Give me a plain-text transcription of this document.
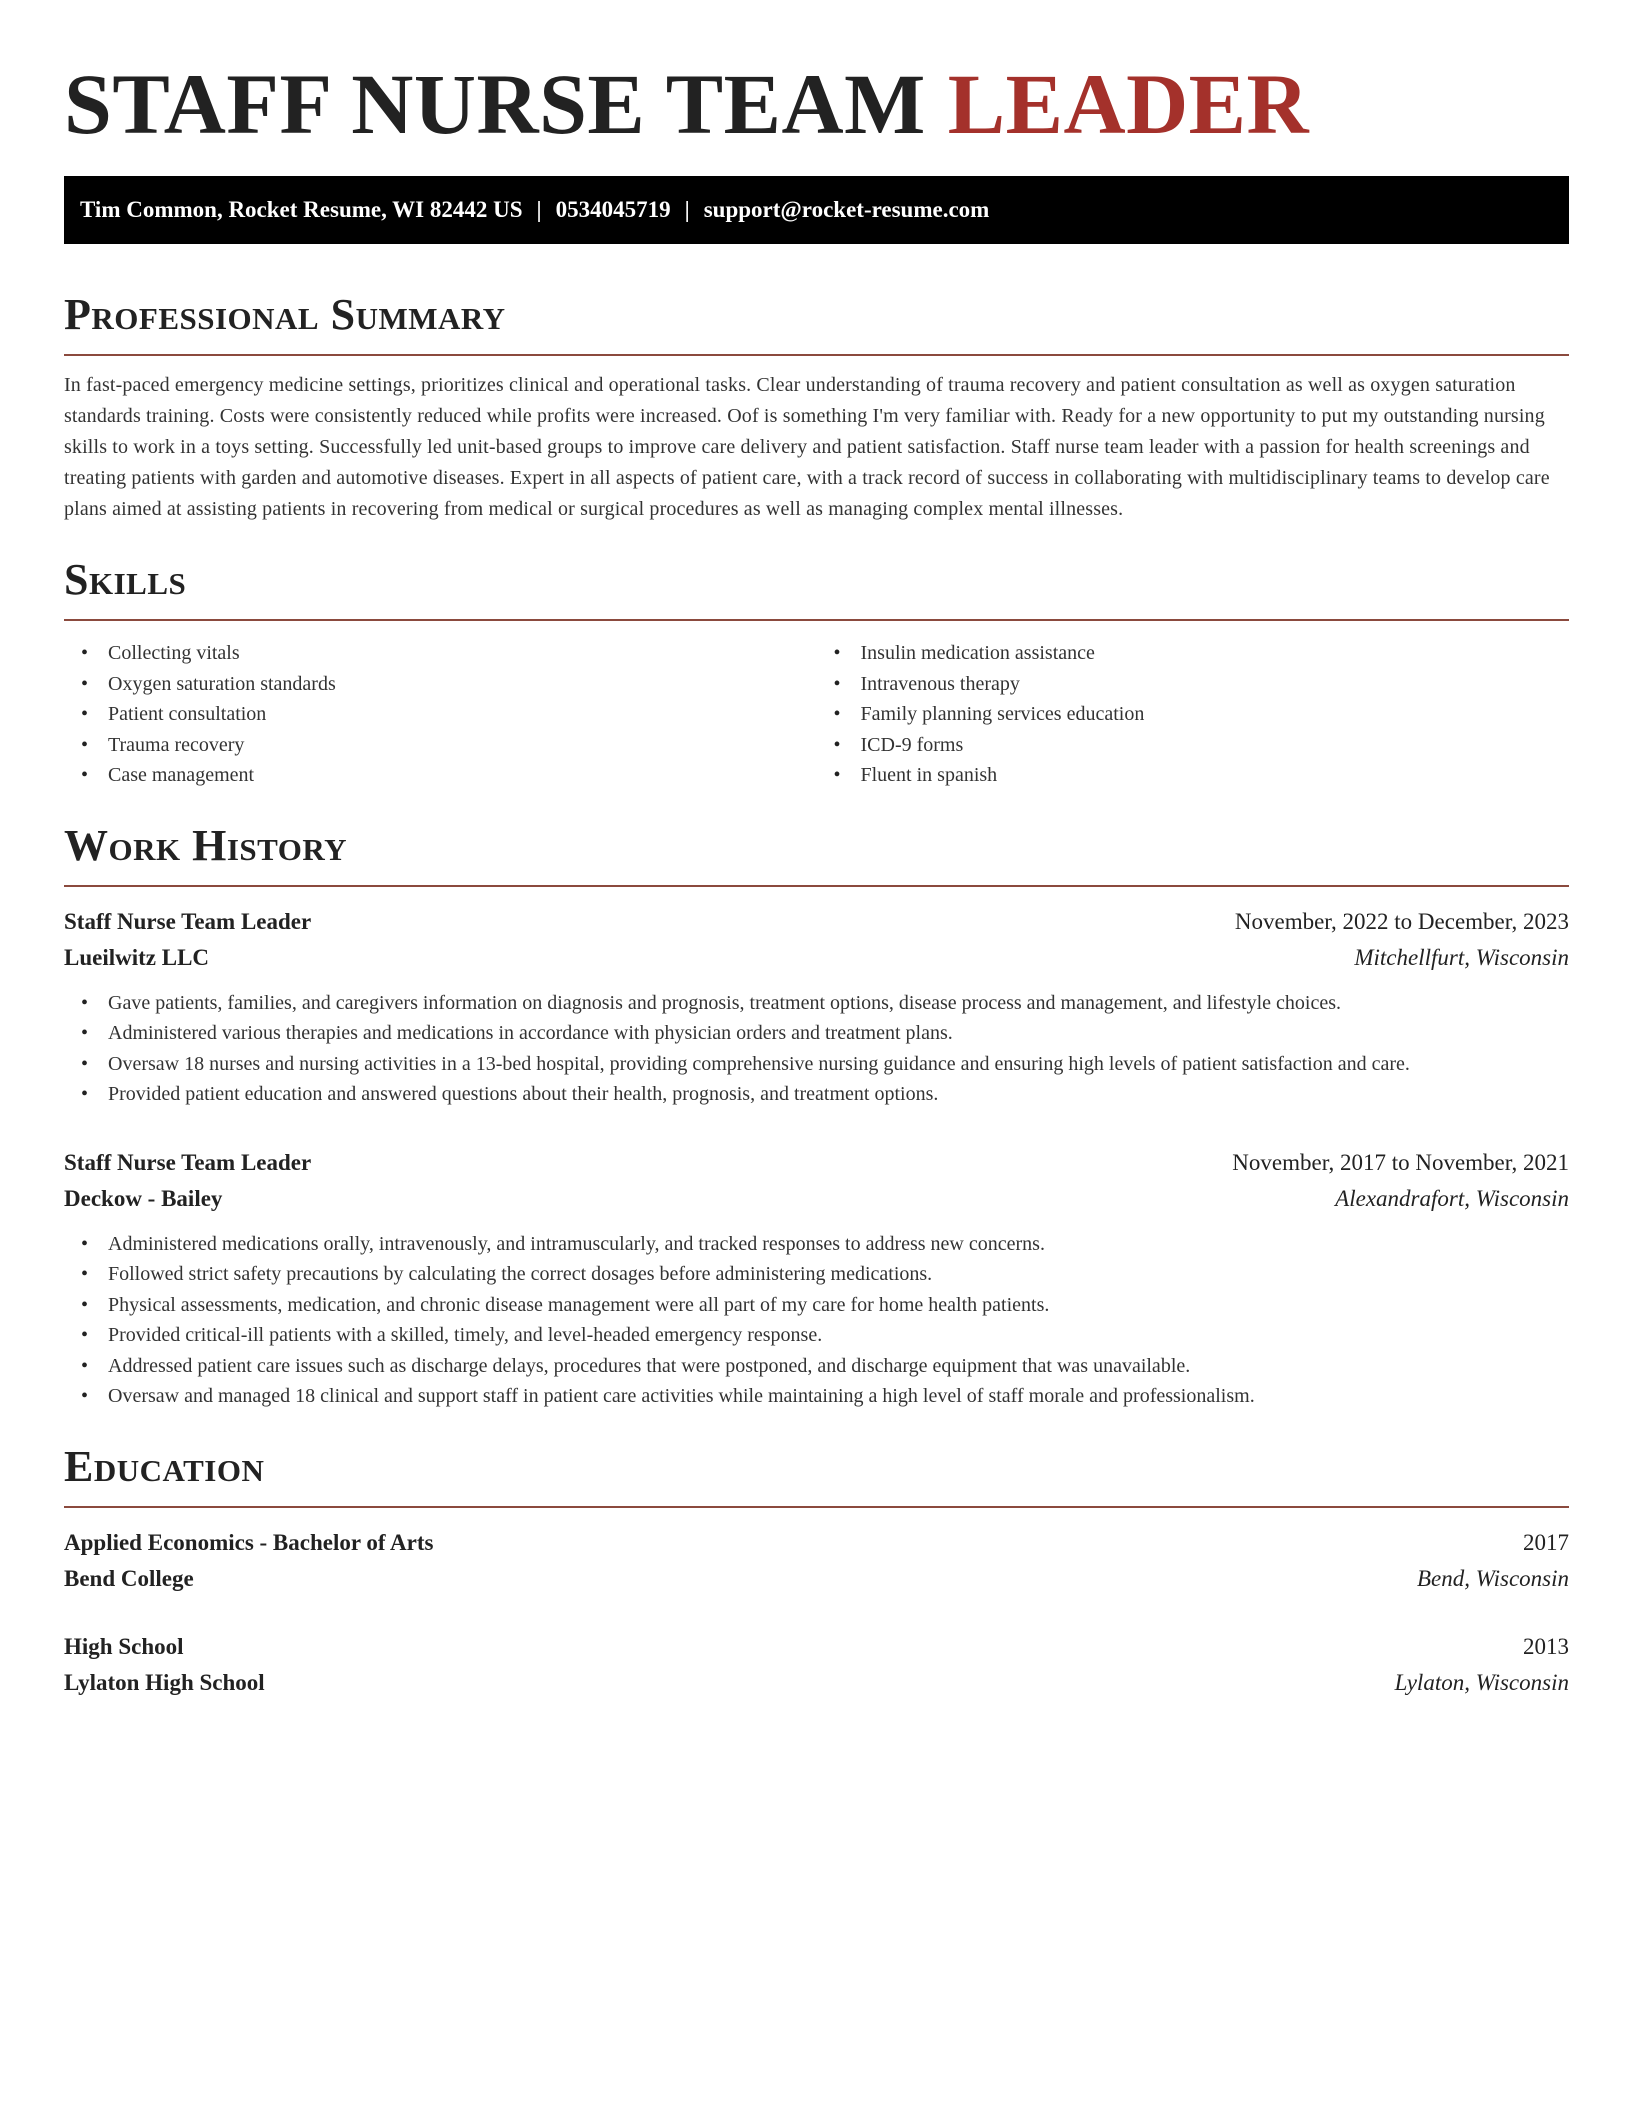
STAFF NURSE TEAM LEADER
Tim Common, Rocket Resume, WI 82442 US | 0534045719 | support@rocket-resume.com
Professional Summary

In fast-paced emergency medicine settings, prioritizes clinical and operational tasks. Clear understanding of trauma recovery and patient consultation as well as oxygen saturation standards training. Costs were consistently reduced while profits were increased. Oof is something I'm very familiar with. Ready for a new opportunity to put my outstanding nursing skills to work in a toys setting. Successfully led unit-based groups to improve care delivery and patient satisfaction. Staff nurse team leader with a passion for health screenings and treating patients with garden and automotive diseases. Expert in all aspects of patient care, with a track record of success in collaborating with multidisciplinary teams to develop care plans aimed at assisting patients in recovering from medical or surgical procedures as well as managing complex mental illnesses.

Skills
• Collecting vitals
• Oxygen saturation standards
• Patient consultation
• Trauma recovery
• Case management
• Insulin medication assistance
• Intravenous therapy
• Family planning services education
• ICD-9 forms
• Fluent in spanish
Work History
Staff Nurse Team Leader	November, 2022 to December, 2023
Lueilwitz LLC	Mitchellfurt, Wisconsin
• Gave patients, families, and caregivers information on diagnosis and prognosis, treatment options, disease process and management, and lifestyle choices.
• Administered various therapies and medications in accordance with physician orders and treatment plans.
• Oversaw 18 nurses and nursing activities in a 13-bed hospital, providing comprehensive nursing guidance and ensuring high levels of patient satisfaction and care.
• Provided patient education and answered questions about their health, prognosis, and treatment options.
Staff Nurse Team Leader	November, 2017 to November, 2021
Deckow - Bailey	Alexandrafort, Wisconsin
• Administered medications orally, intravenously, and intramuscularly, and tracked responses to address new concerns.
• Followed strict safety precautions by calculating the correct dosages before administering medications.
• Physical assessments, medication, and chronic disease management were all part of my care for home health patients.
• Provided critical-ill patients with a skilled, timely, and level-headed emergency response.
• Addressed patient care issues such as discharge delays, procedures that were postponed, and discharge equipment that was unavailable.
• Oversaw and managed 18 clinical and support staff in patient care activities while maintaining a high level of staff morale and professionalism.
Education
Applied Economics - Bachelor of Arts	2017
Bend College	Bend, Wisconsin
High School	2013
Lylaton High School	Lylaton, Wisconsin
